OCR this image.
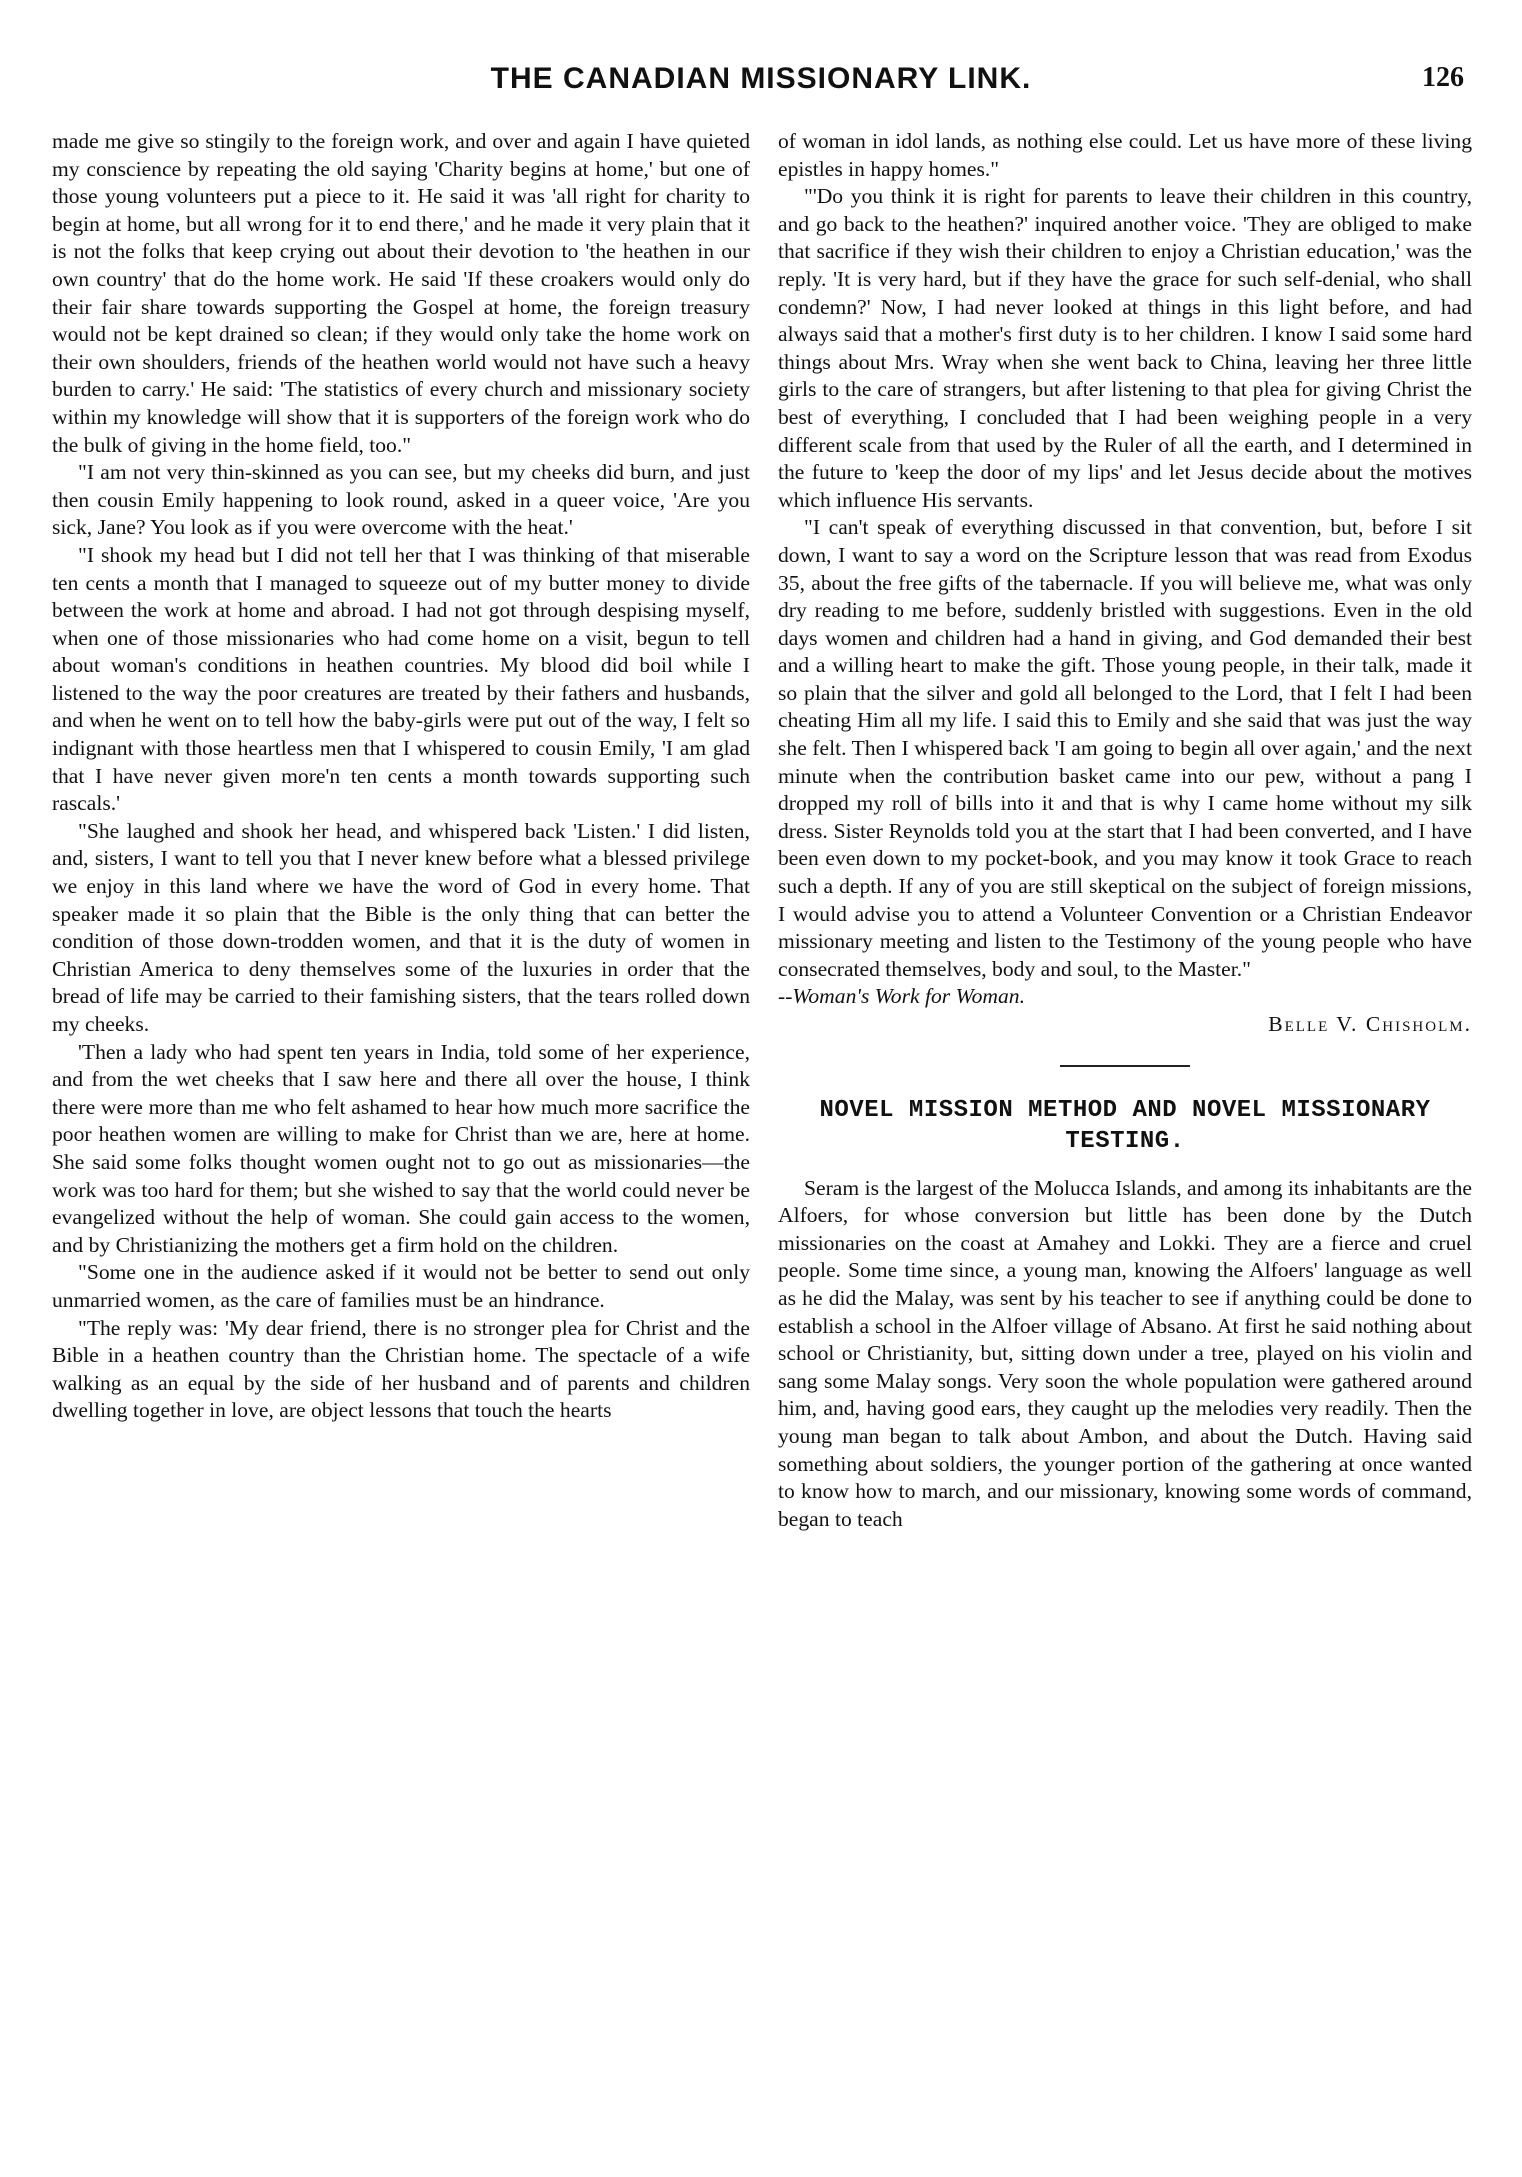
THE CANADIAN MISSIONARY LINK.	126

made me give so stingily to the foreign work, and over and again I have quieted my conscience by repeating the old saying 'Charity begins at home,' but one of those young volunteers put a piece to it. He said it was 'all right for charity to begin at home, but all wrong for it to end there,' and he made it very plain that it is not the folks that keep crying out about their devotion to 'the heathen in our own country' that do the home work. He said 'If these croakers would only do their fair share towards supporting the Gospel at home, the foreign treasury would not be kept drained so clean; if they would only take the home work on their own shoulders, friends of the heathen world would not have such a heavy burden to carry.' He said: 'The statistics of every church and missionary society within my knowledge will show that it is supporters of the foreign work who do the bulk of giving in the home field, too."

"I am not very thin-skinned as you can see, but my cheeks did burn, and just then cousin Emily happening to look round, asked in a queer voice, 'Are you sick, Jane? You look as if you were overcome with the heat.'

"I shook my head but I did not tell her that I was thinking of that miserable ten cents a month that I managed to squeeze out of my butter money to divide between the work at home and abroad. I had not got through despising myself, when one of those missionaries who had come home on a visit, begun to tell about woman's conditions in heathen countries. My blood did boil while I listened to the way the poor creatures are treated by their fathers and husbands, and when he went on to tell how the baby-girls were put out of the way, I felt so indignant with those heartless men that I whispered to cousin Emily, 'I am glad that I have never given more'n ten cents a month towards supporting such rascals.'

"She laughed and shook her head, and whispered back 'Listen.' I did listen, and, sisters, I want to tell you that I never knew before what a blessed privilege we enjoy in this land where we have the word of God in every home. That speaker made it so plain that the Bible is the only thing that can better the condition of those down-trodden women, and that it is the duty of women in Christian America to deny themselves some of the luxuries in order that the bread of life may be carried to their famishing sisters, that the tears rolled down my cheeks.

'Then a lady who had spent ten years in India, told some of her experience, and from the wet cheeks that I saw here and there all over the house, I think there were more than me who felt ashamed to hear how much more sacrifice the poor heathen women are willing to make for Christ than we are, here at home. She said some folks thought women ought not to go out as missionaries—the work was too hard for them; but she wished to say that the world could never be evangelized without the help of woman. She could gain access to the women, and by Christianizing the mothers get a firm hold on the children.

"Some one in the audience asked if it would not be better to send out only unmarried women, as the care of families must be an hindrance.

"The reply was: 'My dear friend, there is no stronger plea for Christ and the Bible in a heathen country than the Christian home. The spectacle of a wife walking as an equal by the side of her husband and of parents and children dwelling together in love, are object lessons that touch the hearts

of woman in idol lands, as nothing else could. Let us have more of these living epistles in happy homes."

"'Do you think it is right for parents to leave their children in this country, and go back to the heathen?' inquired another voice. 'They are obliged to make that sacrifice if they wish their children to enjoy a Christian education,' was the reply. 'It is very hard, but if they have the grace for such self-denial, who shall condemn?' Now, I had never looked at things in this light before, and had always said that a mother's first duty is to her children. I know I said some hard things about Mrs. Wray when she went back to China, leaving her three little girls to the care of strangers, but after listening to that plea for giving Christ the best of everything, I concluded that I had been weighing people in a very different scale from that used by the Ruler of all the earth, and I determined in the future to 'keep the door of my lips' and let Jesus decide about the motives which influence His servants.

"I can't speak of everything discussed in that convention, but, before I sit down, I want to say a word on the Scripture lesson that was read from Exodus 35, about the free gifts of the tabernacle. If you will believe me, what was only dry reading to me before, suddenly bristled with suggestions. Even in the old days women and children had a hand in giving, and God demanded their best and a willing heart to make the gift. Those young people, in their talk, made it so plain that the silver and gold all belonged to the Lord, that I felt I had been cheating Him all my life. I said this to Emily and she said that was just the way she felt. Then I whispered back 'I am going to begin all over again,' and the next minute when the contribution basket came into our pew, without a pang I dropped my roll of bills into it and that is why I came home without my silk dress. Sister Reynolds told you at the start that I had been converted, and I have been even down to my pocket-book, and you may know it took Grace to reach such a depth. If any of you are still skeptical on the subject of foreign missions, I would advise you to attend a Volunteer Convention or a Christian Endeavor missionary meeting and listen to the Testimony of the young people who have consecrated themselves, body and soul, to the Master."

--Woman's Work for Woman.

Belle V. Chisholm.

NOVEL MISSION METHOD AND NOVEL MISSIONARY TESTING.

Seram is the largest of the Molucca Islands, and among its inhabitants are the Alfoers, for whose conversion but little has been done by the Dutch missionaries on the coast at Amahey and Lokki. They are a fierce and cruel people. Some time since, a young man, knowing the Alfoers' language as well as he did the Malay, was sent by his teacher to see if anything could be done to establish a school in the Alfoer village of Absano. At first he said nothing about school or Christianity, but, sitting down under a tree, played on his violin and sang some Malay songs. Very soon the whole population were gathered around him, and, having good ears, they caught up the melodies very readily. Then the young man began to talk about Ambon, and about the Dutch. Having said something about soldiers, the younger portion of the gathering at once wanted to know how to march, and our missionary, knowing some words of command, began to teach
